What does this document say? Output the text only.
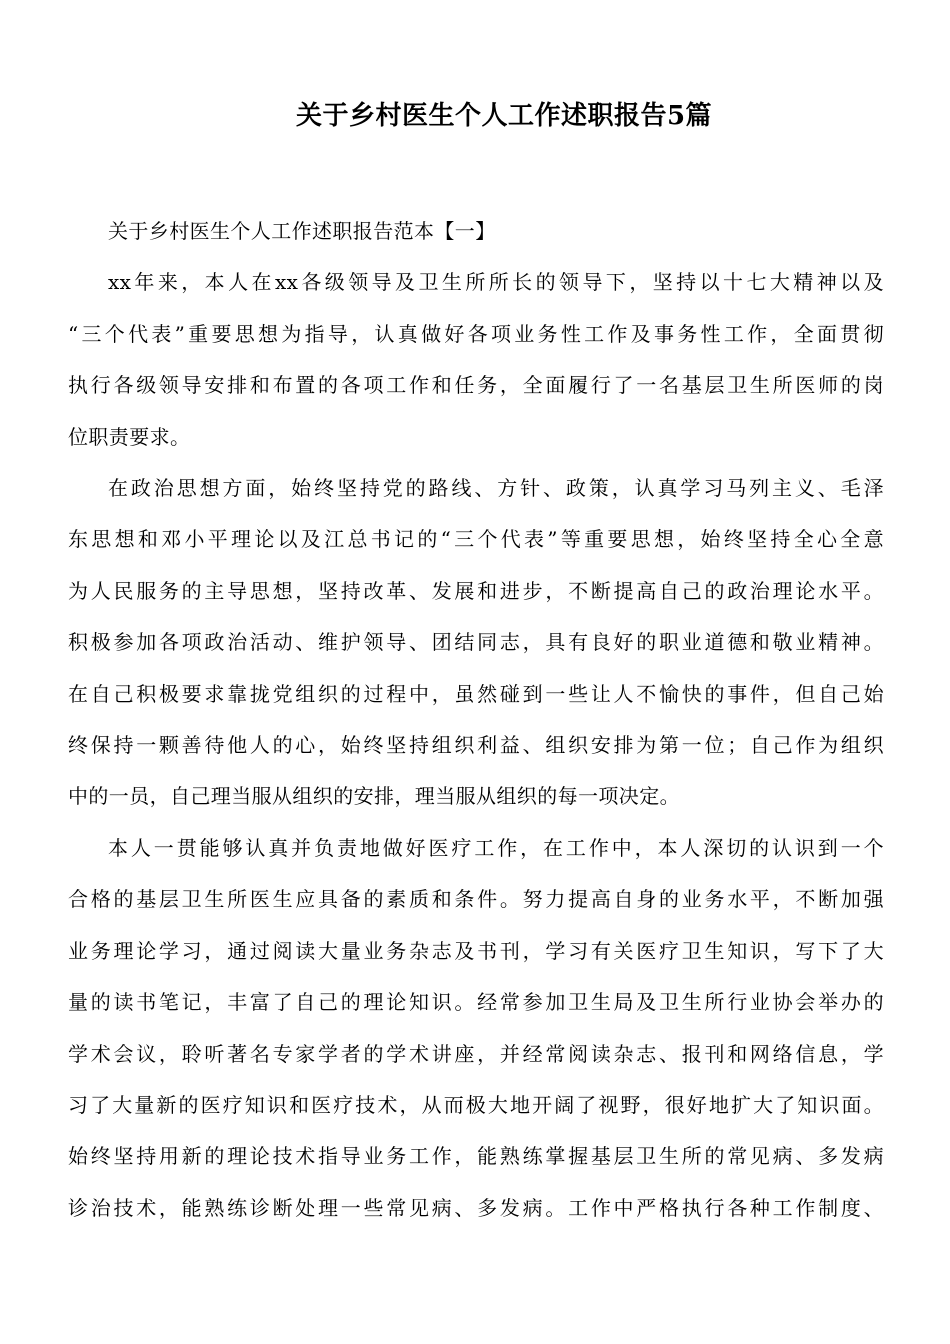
关于乡村医生个人工作述职报告5篇

关于乡村医生个人工作述职报告范本【一】

xx年来，本人在xx各级领导及卫生所所长的领导下，坚持以十七大精神以及
“三个代表”重要思想为指导，认真做好各项业务性工作及事务性工作，全面贯彻
执行各级领导安排和布置的各项工作和任务，全面履行了一名基层卫生所医师的岗
位职责要求。

在政治思想方面，始终坚持党的路线、方针、政策，认真学习马列主义、毛泽
东思想和邓小平理论以及江总书记的“三个代表”等重要思想，始终坚持全心全意
为人民服务的主导思想，坚持改革、发展和进步，不断提高自己的政治理论水平。
积极参加各项政治活动、维护领导、团结同志，具有良好的职业道德和敬业精神。
在自己积极要求靠拢党组织的过程中，虽然碰到一些让人不愉快的事件，但自己始
终保持一颗善待他人的心，始终坚持组织利益、组织安排为第一位；自己作为组织
中的一员，自己理当服从组织的安排，理当服从组织的每一项决定。

本人一贯能够认真并负责地做好医疗工作，在工作中，本人深切的认识到一个
合格的基层卫生所医生应具备的素质和条件。努力提高自身的业务水平，不断加强
业务理论学习，通过阅读大量业务杂志及书刊，学习有关医疗卫生知识，写下了大
量的读书笔记，丰富了自己的理论知识。经常参加卫生局及卫生所行业协会举办的
学术会议，聆听著名专家学者的学术讲座，并经常阅读杂志、报刊和网络信息，学
习了大量新的医疗知识和医疗技术，从而极大地开阔了视野，很好地扩大了知识面。
始终坚持用新的理论技术指导业务工作，能熟练掌握基层卫生所的常见病、多发病
诊治技术，能熟练诊断处理一些常见病、多发病。工作中严格执行各种工作制度、
